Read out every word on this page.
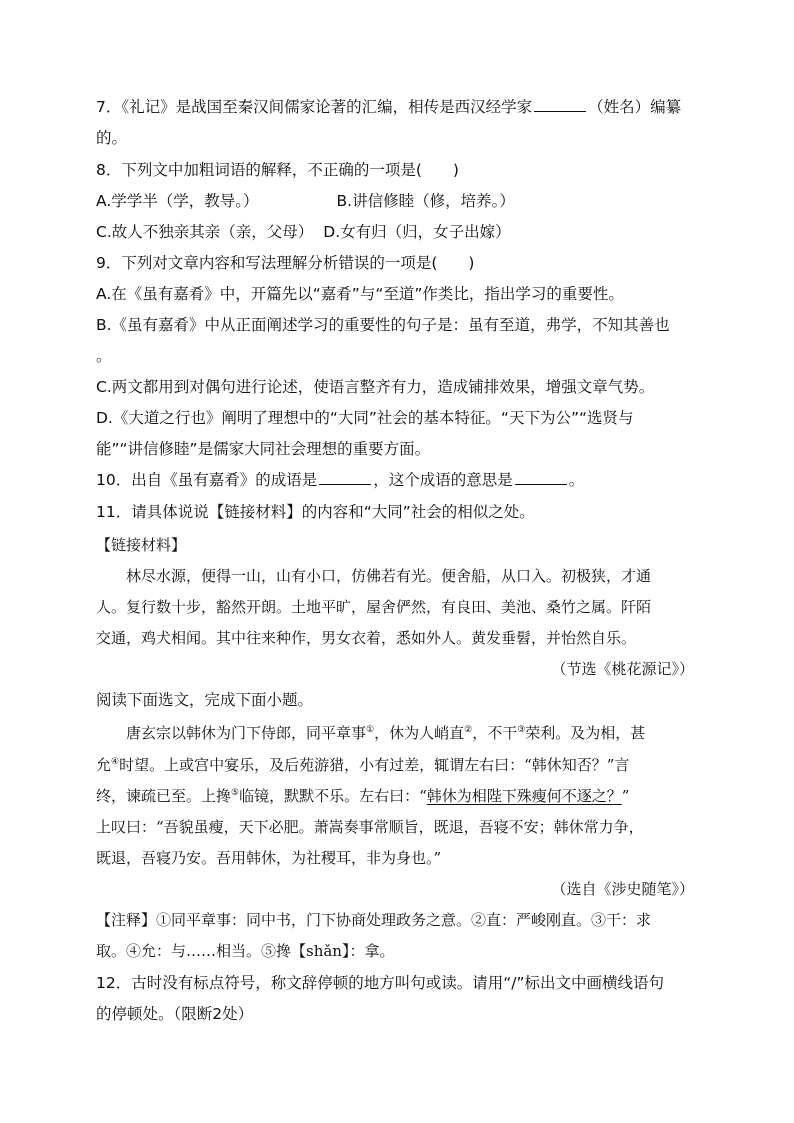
7．《礼记》是战国至秦汉间儒家论著的汇编，相传是西汉经学家	（姓名）编纂
的。
8．下列文中加粗词语的解释，不正确的一项是(　　)
A.学学半（学，教导。）	B.讲信修睦（修，培养。）
C.故人不独亲其亲（亲，父母） D.女有归（归，女子出嫁）
9．下列对文章内容和写法理解分析错误的一项是(　　)
A.在《虽有嘉肴》中，开篇先以“嘉肴”与“至道”作类比，指出学习的重要性。
B.《虽有嘉肴》中从正面阐述学习的重要性的句子是：虽有至道，弗学，不知其善也
。
C.两文都用到对偶句进行论述，使语言整齐有力，造成铺排效果，增强文章气势。
D.《大道之行也》阐明了理想中的“大同”社会的基本特征。“天下为公”“选贤与
能”“讲信修睦”是儒家大同社会理想的重要方面。
10．出自《虽有嘉肴》的成语是	，这个成语的意思是	。
11．请具体说说【链接材料】的内容和“大同”社会的相似之处。
【链接材料】
林尽水源，便得一山，山有小口，仿佛若有光。便舍船，从口入。初极狭，才通
人。复行数十步，豁然开朗。土地平旷，屋舍俨然，有良田、美池、桑竹之属。阡陌
交通，鸡犬相闻。其中往来种作，男女衣着，悉如外人。黄发垂髫，并怡然自乐。
（节选《桃花源记》）
阅读下面选文，完成下面小题。
唐玄宗以韩休为门下侍郎，同平章事①，休为人峭直②，不干③荣利。及为相，甚
允④时望。上或宫中宴乐，及后苑游猎，小有过差，辄谓左右曰：“韩休知否？”言
终，谏疏已至。上搀⑤临镜，默默不乐。左右曰：“韩休为相陛下殊瘦何不逐之？”
上叹曰：“吾貌虽瘦，天下必肥。萧嵩奏事常顺旨，既退，吾寝不安；韩休常力争，
既退，吾寝乃安。吾用韩休，为社稷耳，非为身也。”
（选自《涉史随笔》）
【注释】①同平章事：同中书，门下协商处理政务之意。②直：严峻刚直。③干：求
取。④允：与……相当。⑤搀【shǎn】：拿。
12．古时没有标点符号，称文辞停顿的地方叫句或读。请用“/”标出文中画横线语句
的停顿处。（限断2处）
